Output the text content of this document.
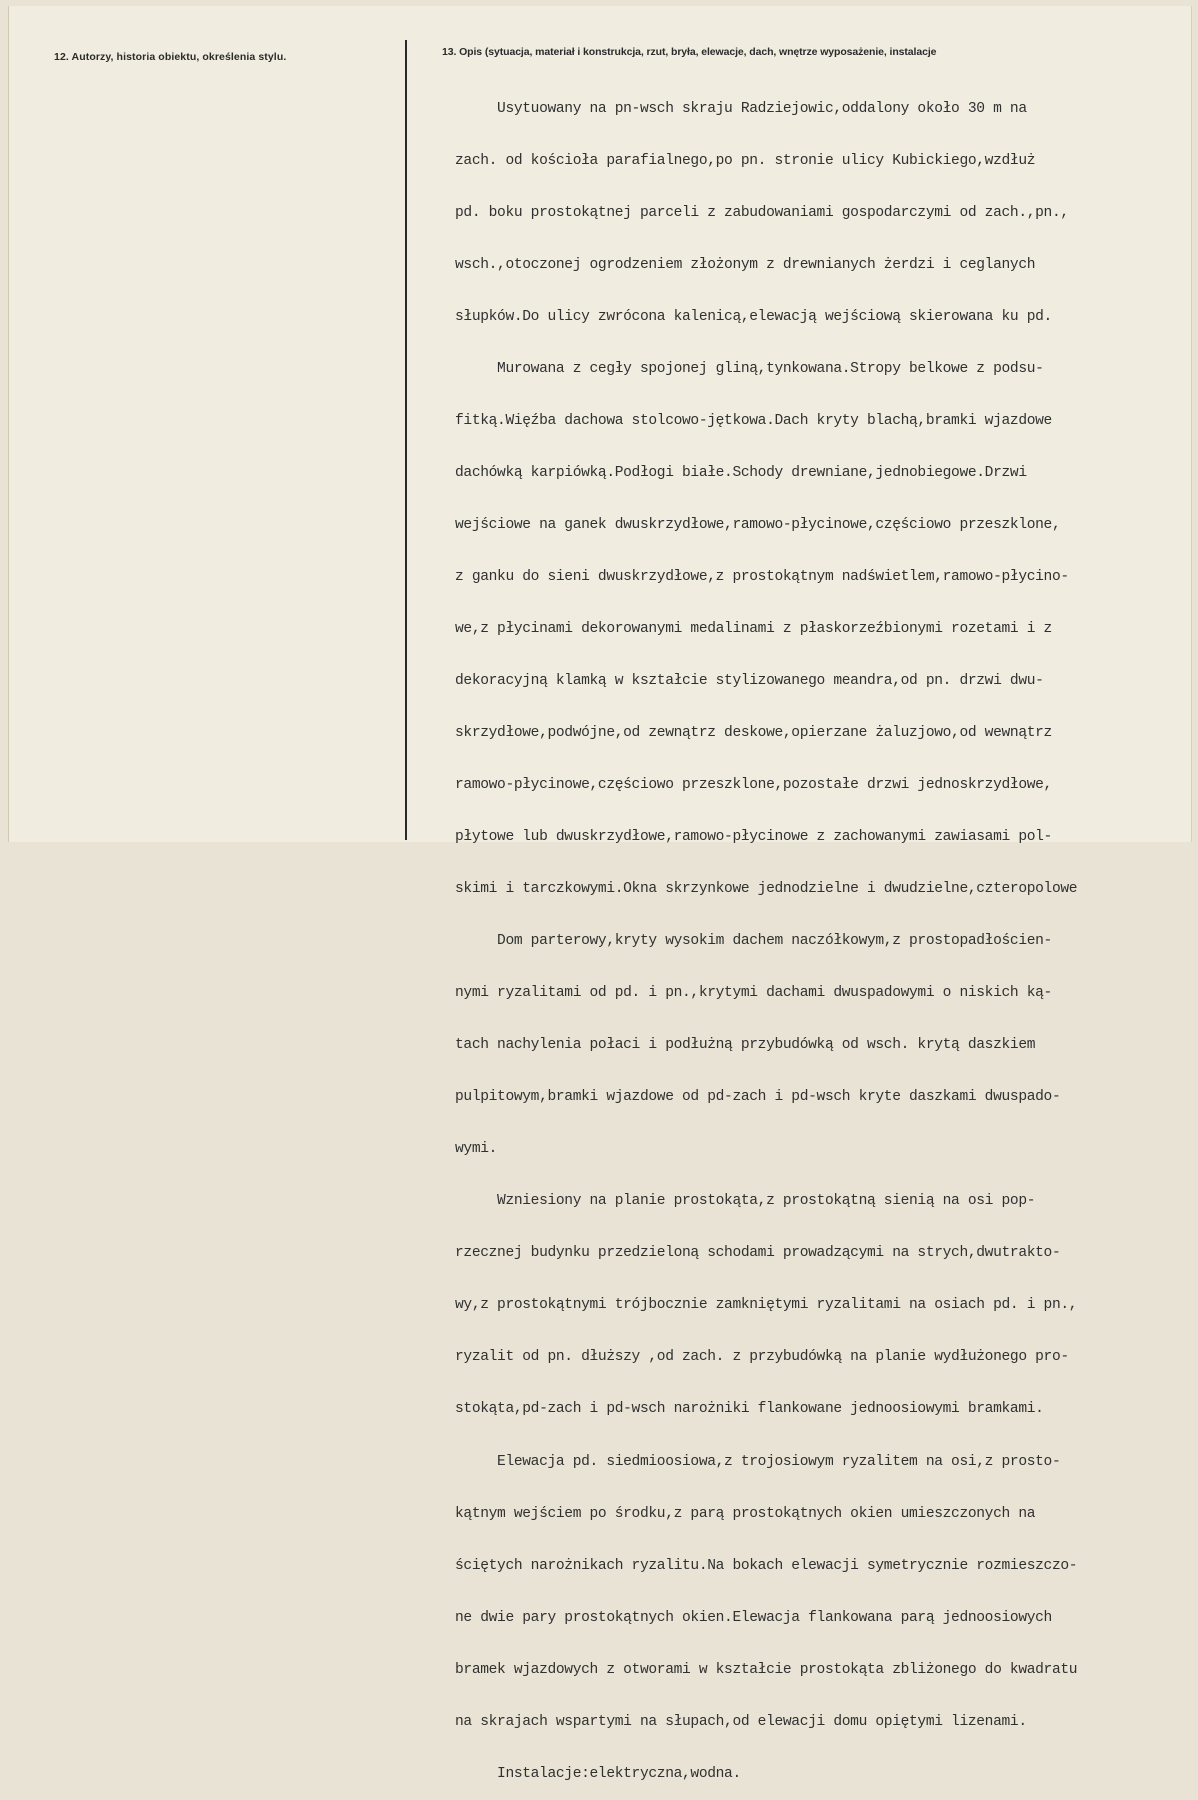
12. Autorzy, historia obiektu, określenia stylu.	13. Opis (sytuacja, materiał i konstrukcja, rzut, bryła, elewacje, dach, wnętrze wyposażenie, instalacje

Usytuowany na pn-wsch skraju Radziejowic,oddalony około 30 m na

zach. od kościoła parafialnego,po pn. stronie ulicy Kubickiego,wzdłuż

pd. boku prostokątnej parceli z zabudowaniami gospodarczymi od zach.,pn.,

wsch.,otoczonej ogrodzeniem złożonym z drewnianych żerdzi i ceglanych

słupków.Do ulicy zwrócona kalenicą,elewacją wejściową skierowana ku pd.

Murowana z cegły spojonej gliną,tynkowana.Stropy belkowe z podsu-

fitką.Więźba dachowa stolcowo-jętkowa.Dach kryty blachą,bramki wjazdowe

dachówką karpiówką.Podłogi białe.Schody drewniane,jednobiegowe.Drzwi

wejściowe na ganek dwuskrzydłowe,ramowo-płycinowe,częściowo przeszklone,

z ganku do sieni dwuskrzydłowe,z prostokątnym nadświetlem,ramowo-płycino-

we,z płycinami dekorowanymi medalinami z płaskorzeźbionymi rozetami i z

dekoracyjną klamką w kształcie stylizowanego meandra,od pn. drzwi dwu-

skrzydłowe,podwójne,od zewnątrz deskowe,opierzane żaluzjowo,od wewnątrz

ramowo-płycinowe,częściowo przeszklone,pozostałe drzwi jednoskrzydłowe,

płytowe lub dwuskrzydłowe,ramowo-płycinowe z zachowanymi zawiasami pol-

skimi i tarczkowymi.Okna skrzynkowe jednodzielne i dwudzielne,czteropolowe

Dom parterowy,kryty wysokim dachem naczółkowym,z prostopadłościen-

nymi ryzalitami od pd. i pn.,krytymi dachami dwuspadowymi o niskich ką-

tach nachylenia połaci i podłużną przybudówką od wsch. krytą daszkiem

pulpitowym,bramki wjazdowe od pd-zach i pd-wsch kryte daszkami dwuspado-

wymi.

Wzniesiony na planie prostokąta,z prostokątną sienią na osi pop-

rzecznej budynku przedzieloną schodami prowadzącymi na strych,dwutrakto-

wy,z prostokątnymi trójbocznie zamkniętymi ryzalitami na osiach pd. i pn.,

ryzalit od pn. dłuższy ,od zach. z przybudówką na planie wydłużonego pro-

stokąta,pd-zach i pd-wsch narożniki flankowane jednoosiowymi bramkami.

Elewacja pd. siedmioosiowa,z trojosiowym ryzalitem na osi,z prosto-

kątnym wejściem po środku,z parą prostokątnych okien umieszczonych na

ściętych narożnikach ryzalitu.Na bokach elewacji symetrycznie rozmieszczo-

ne dwie pary prostokątnych okien.Elewacja flankowana parą jednoosiowych

bramek wjazdowych z otworami w kształcie prostokąta zbliżonego do kwadratu

na skrajach wspartymi na słupach,od elewacji domu opiętymi lizenami.

Instalacje:elektryczna,wodna.
